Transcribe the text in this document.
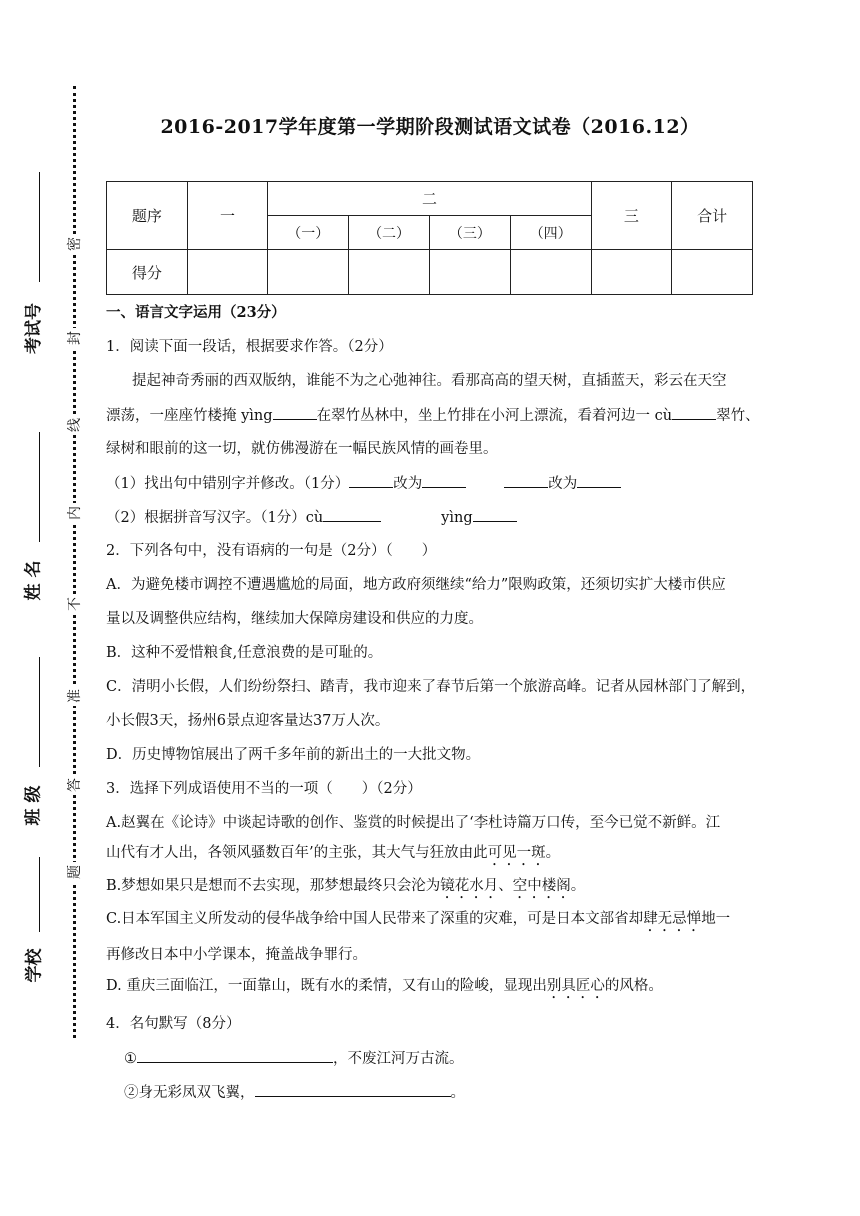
考试号
姓 名
班 级
学校
密
封
线
内
不
准
答
题
2016-2017学年度第一学期阶段测试语文试卷（2016.12）
题序	一	二				三	合计
		（一）	（二）	（三）	（四）		
得分							
一、语言文字运用（23分）
1．阅读下面一段话，根据要求作答。（2分）
提起神奇秀丽的西双版纳，谁能不为之心弛神往。看那高高的望天树，直插蓝天，彩云在天空
漂荡，一座座竹楼掩 yìng	在翠竹丛林中，坐上竹排在小河上漂流，看着河边一 cù	翠竹、
绿树和眼前的这一切，就仿佛漫游在一幅民族风情的画卷里。
（1）找出句中错别字并修改。（1分）	改为	改为
（2）根据拼音写汉字。（1分）cù	yìng
2．下列各句中，没有语病的一句是（2分）（　　）
A．为避免楼市调控不遭遇尴尬的局面，地方政府须继续“给力”限购政策，还须切实扩大楼市供应
量以及调整供应结构，继续加大保障房建设和供应的力度。
B．这种不爱惜粮食,任意浪费的是可耻的。
C．清明小长假，人们纷纷祭扫、踏青，我市迎来了春节后第一个旅游高峰。记者从园林部门了解到，
小长假3天，扬州6景点迎客量达37万人次。
D．历史博物馆展出了两千多年前的新出土的一大批文物。
3．选择下列成语使用不当的一项（　　）（2分）
A.赵翼在《论诗》中谈起诗歌的创作、鉴赏的时候提出了‘李杜诗篇万口传，至今已觉不新鲜。江
山代有才人出，各领风骚数百年’的主张，其大气与狂放由此可见一斑。
B.梦想如果只是想而不去实现，那梦想最终只会沦为镜花水月、空中楼阁。
C.日本军国主义所发动的侵华战争给中国人民带来了深重的灾难，可是日本文部省却肆无忌惮地一
再修改日本中小学课本，掩盖战争罪行。
D. 重庆三面临江，一面靠山，既有水的柔情，又有山的险峻，显现出别具匠心的风格。
4．名句默写（8分）
①	，不废江河万古流。
②身无彩凤双飞翼，	。
